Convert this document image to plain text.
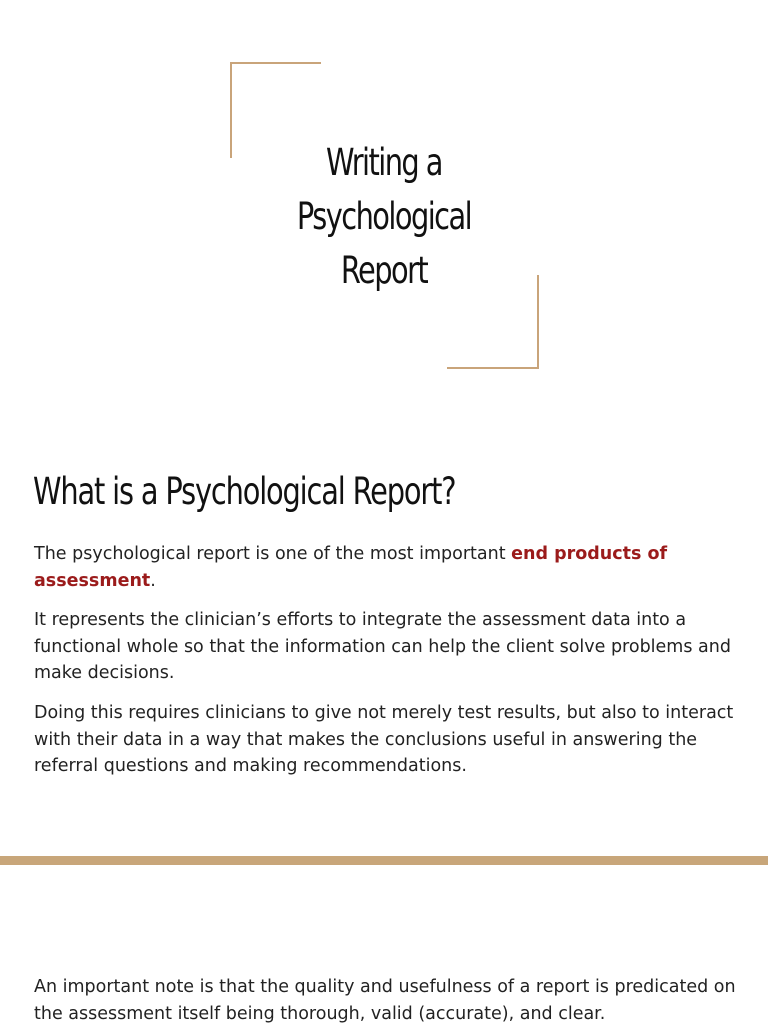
Writing a
Psychological
Report
What is a Psychological Report?
The psychological report is one of the most important end products of assessment.
It represents the clinician’s efforts to integrate the assessment data into a functional whole so that the information can help the client solve problems and make decisions.
Doing this requires clinicians to give not merely test results, but also to interact with their data in a way that makes the conclusions useful in answering the referral questions and making recommendations.
An important note is that the quality and usefulness of a report is predicated on the assessment itself being thorough, valid (accurate), and clear.
